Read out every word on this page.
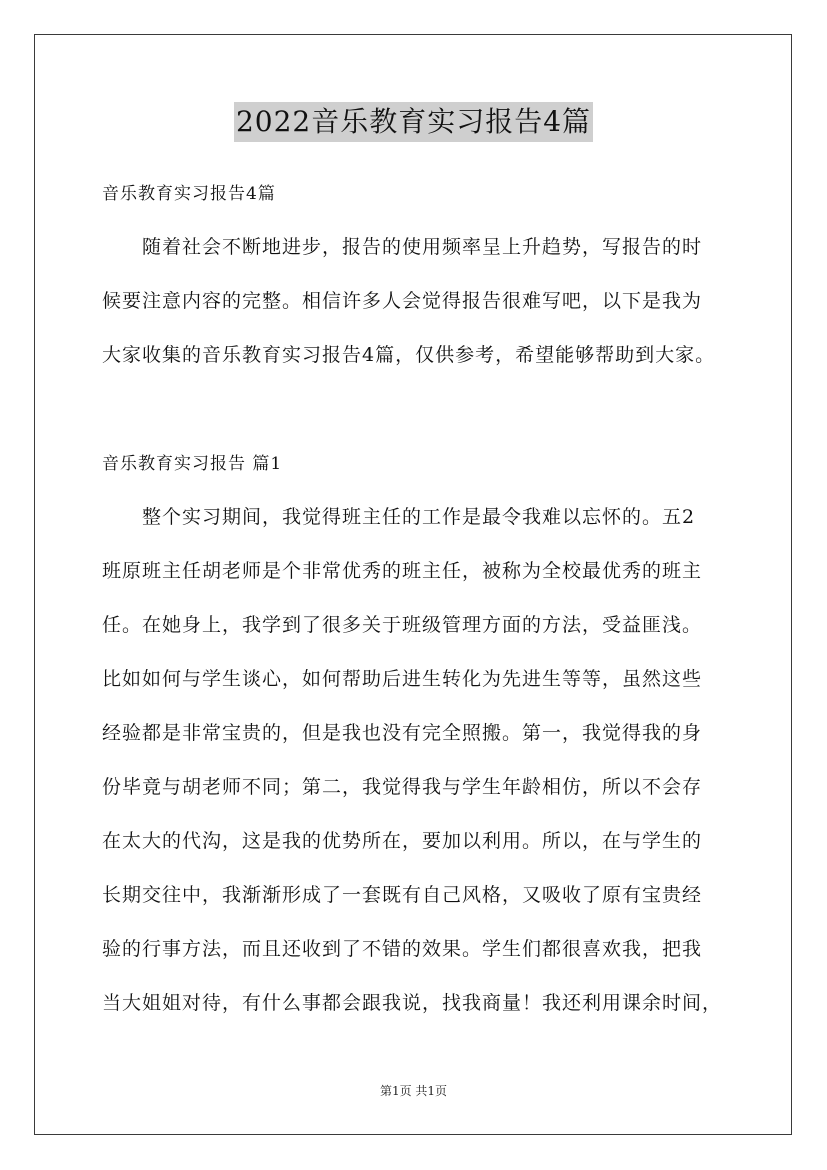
2022音乐教育实习报告4篇
音乐教育实习报告4篇
随着社会不断地进步，报告的使用频率呈上升趋势，写报告的时
候要注意内容的完整。相信许多人会觉得报告很难写吧，以下是我为
大家收集的音乐教育实习报告4篇，仅供参考，希望能够帮助到大家。
音乐教育实习报告 篇1
整个实习期间，我觉得班主任的工作是最令我难以忘怀的。五2
班原班主任胡老师是个非常优秀的班主任，被称为全校最优秀的班主
任。在她身上，我学到了很多关于班级管理方面的方法，受益匪浅。
比如如何与学生谈心，如何帮助后进生转化为先进生等等，虽然这些
经验都是非常宝贵的，但是我也没有完全照搬。第一，我觉得我的身
份毕竟与胡老师不同；第二，我觉得我与学生年龄相仿，所以不会存
在太大的代沟，这是我的优势所在，要加以利用。所以，在与学生的
长期交往中，我渐渐形成了一套既有自己风格，又吸收了原有宝贵经
验的行事方法，而且还收到了不错的效果。学生们都很喜欢我，把我
当大姐姐对待，有什么事都会跟我说，找我商量！我还利用课余时间，
第1页 共1页
